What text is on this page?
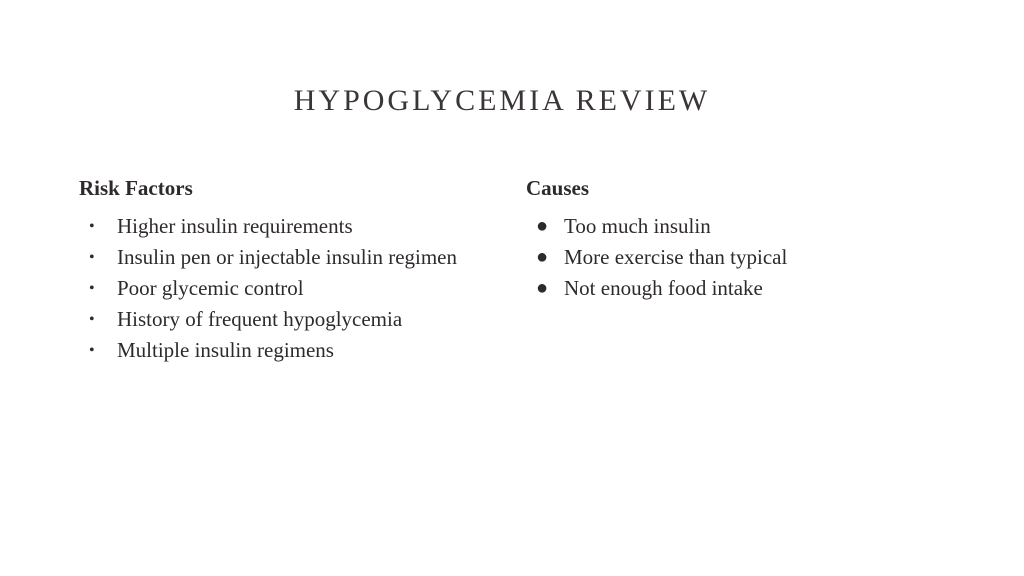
HYPOGLYCEMIA REVIEW
Risk Factors
• Higher insulin requirements
• Insulin pen or injectable insulin regimen
• Poor glycemic control
• History of frequent hypoglycemia
• Multiple insulin regimens
Causes
● Too much insulin
● More exercise than typical
● Not enough food intake
